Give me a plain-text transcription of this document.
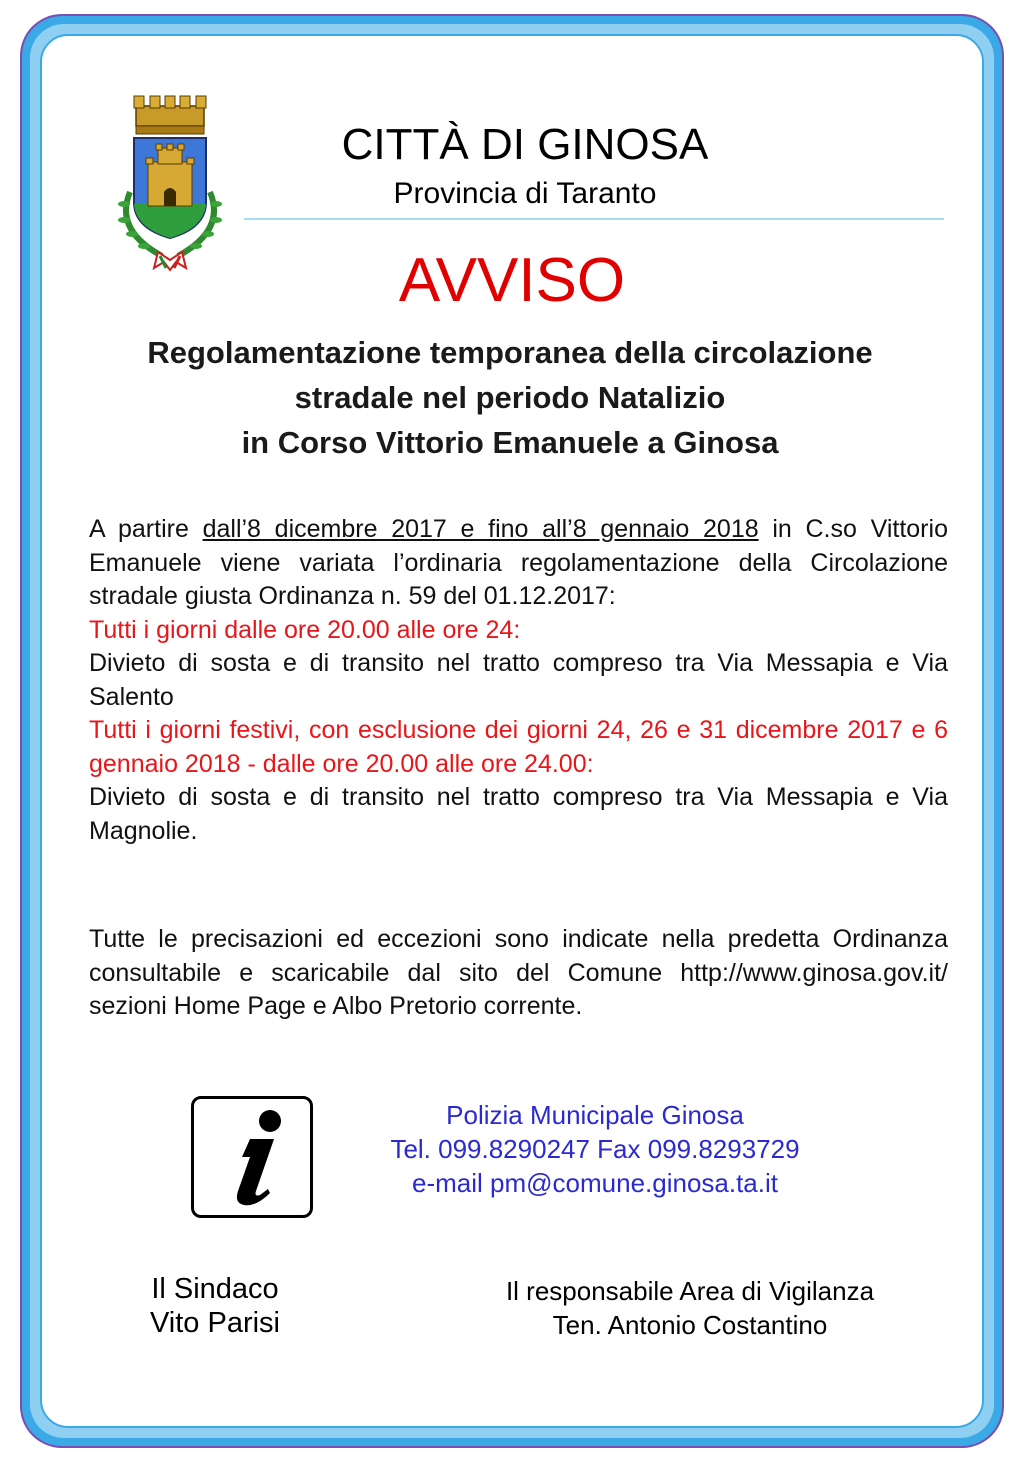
CITTÀ DI GINOSA
Provincia di Taranto
AVVISO
Regolamentazione temporanea della circolazione
stradale nel periodo Natalizio
in Corso Vittorio Emanuele a Ginosa

A partire dall’8 dicembre 2017 e fino all’8 gennaio 2018 in C.so Vittorio Emanuele viene variata l’ordinaria regolamentazione della Circolazione stradale giusta Ordinanza n. 59 del 01.12.2017:

Tutti i giorni dalle ore 20.00 alle ore 24:

Divieto di sosta e di transito nel tratto compreso tra Via Messapia e Via Salento

Tutti i giorni festivi, con esclusione dei giorni 24, 26 e 31 dicembre 2017 e 6 gennaio 2018 - dalle ore 20.00 alle ore 24.00:

Divieto di sosta e di transito nel tratto compreso tra Via Messapia e Via Magnolie.

Tutte le precisazioni ed eccezioni sono indicate nella predetta Ordinanza consultabile e scaricabile dal sito del Comune http://www.ginosa.gov.it/ sezioni Home Page e Albo Pretorio corrente.
Polizia Municipale Ginosa
Tel. 099.8290247 Fax 099.8293729
e-mail pm@comune.ginosa.ta.it
Il Sindaco
Vito Parisi
Il responsabile Area di Vigilanza
Ten. Antonio Costantino
